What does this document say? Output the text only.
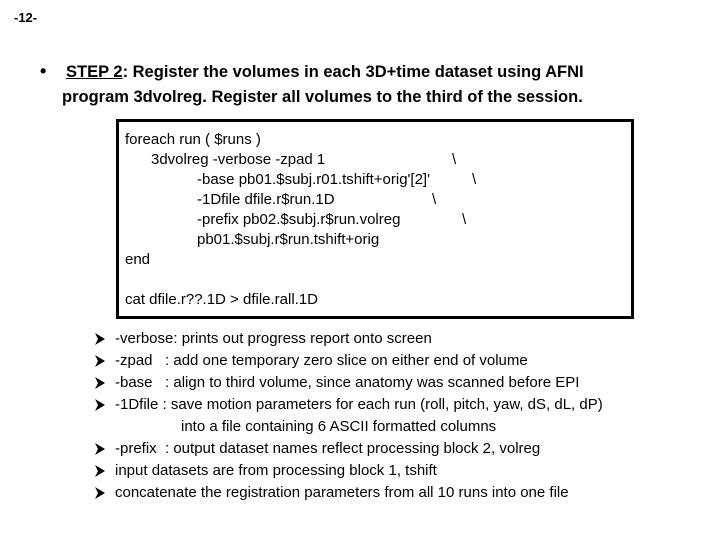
-12-
• STEP 2: Register the volumes in each 3D+time dataset using AFNI
program 3dvolreg. Register all volumes to the third of the session.
foreach run ( $runs )
3dvolreg -verbose -zpad 1
-base pb01.$subj.r01.tshift+orig'[2]'
-1Dfile dfile.r$run.1D
-prefix pb02.$subj.r$run.volreg
pb01.$subj.r$run.tshift+orig
end
cat dfile.r??.1D > dfile.rall.1D
\
\
\
\
-verbose: prints out progress report onto screen
-zpad   : add one temporary zero slice on either end of volume
-base   : align to third volume, since anatomy was scanned before EPI
-1Dfile : save motion parameters for each run (roll, pitch, yaw, dS, dL, dP)
into a file containing 6 ASCII formatted columns
-prefix  : output dataset names reflect processing block 2, volreg
input datasets are from processing block 1, tshift
concatenate the registration parameters from all 10 runs into one file
